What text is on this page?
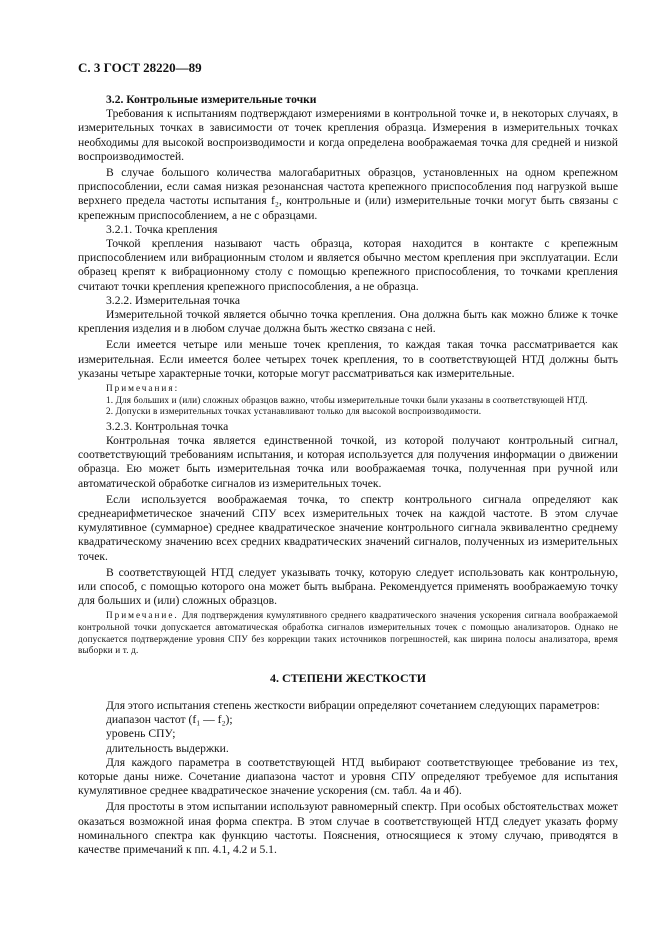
С. 3 ГОСТ 28220—89

3.2. Контрольные измерительные точки

Требования к испытаниям подтверждают измерениями в контрольной точке и, в некоторых случаях, в измерительных точках в зависимости от точек крепления образца. Измерения в измерительных точках необходимы для высокой воспроизводимости и когда определена воображаемая точка для средней и низкой воспроизводимостей.

В случае большого количества малогабаритных образцов, установленных на одном крепежном приспособлении, если самая низкая резонансная частота крепежного приспособления под нагрузкой выше верхнего предела частоты испытания f₂, контрольные и (или) измерительные точки могут быть связаны с крепежным приспособлением, а не с образцами.

3.2.1. Точка крепления

Точкой крепления называют часть образца, которая находится в контакте с крепежным приспособлением или вибрационным столом и является обычно местом крепления при эксплуатации. Если образец крепят к вибрационному столу с помощью крепежного приспособления, то точками крепления считают точки крепления крепежного приспособления, а не образца.

3.2.2. Измерительная точка

Измерительной точкой является обычно точка крепления. Она должна быть как можно ближе к точке крепления изделия и в любом случае должна быть жестко связана с ней.

Если имеется четыре или меньше точек крепления, то каждая такая точка рассматривается как измерительная. Если имеется более четырех точек крепления, то в соответствующей НТД должны быть указаны четыре характерные точки, которые могут рассматриваться как измерительные.

Примечания:

1. Для больших и (или) сложных образцов важно, чтобы измерительные точки были указаны в соответствующей НТД.

2. Допуски в измерительных точках устанавливают только для высокой воспроизводимости.

3.2.3. Контрольная точка

Контрольная точка является единственной точкой, из которой получают контрольный сигнал, соответствующий требованиям испытания, и которая используется для получения информации о движении образца. Ею может быть измерительная точка или воображаемая точка, полученная при ручной или автоматической обработке сигналов из измерительных точек.

Если используется воображаемая точка, то спектр контрольного сигнала определяют как среднеарифметическое значений СПУ всех измерительных точек на каждой частоте. В этом случае кумулятивное (суммарное) среднее квадратическое значение контрольного сигнала эквивалентно среднему квадратическому значению всех средних квадратических значений сигналов, полученных из измерительных точек.

В соответствующей НТД следует указывать точку, которую следует использовать как контрольную, или способ, с помощью которого она может быть выбрана. Рекомендуется применять воображаемую точку для больших и (или) сложных образцов.

Примечание. Для подтверждения кумулятивного среднего квадратического значения ускорения сигнала воображаемой контрольной точки допускается автоматическая обработка сигналов измерительных точек с помощью анализаторов. Однако не допускается подтверждение уровня СПУ без коррекции таких источников погрешностей, как ширина полосы анализатора, время выборки и т. д.

4. СТЕПЕНИ ЖЕСТКОСТИ

Для этого испытания степень жесткости вибрации определяют сочетанием следующих параметров:

диапазон частот (f₁ — f₂);

уровень СПУ;

длительность выдержки.

Для каждого параметра в соответствующей НТД выбирают соответствующее требование из тех, которые даны ниже. Сочетание диапазона частот и уровня СПУ определяют требуемое для испытания кумулятивное среднее квадратическое значение ускорения (см. табл. 4а и 4б).

Для простоты в этом испытании используют равномерный спектр. При особых обстоятельствах может оказаться возможной иная форма спектра. В этом случае в соответствующей НТД следует указать форму номинального спектра как функцию частоты. Пояснения, относящиеся к этому случаю, приводятся в качестве примечаний к пп. 4.1, 4.2 и 5.1.
